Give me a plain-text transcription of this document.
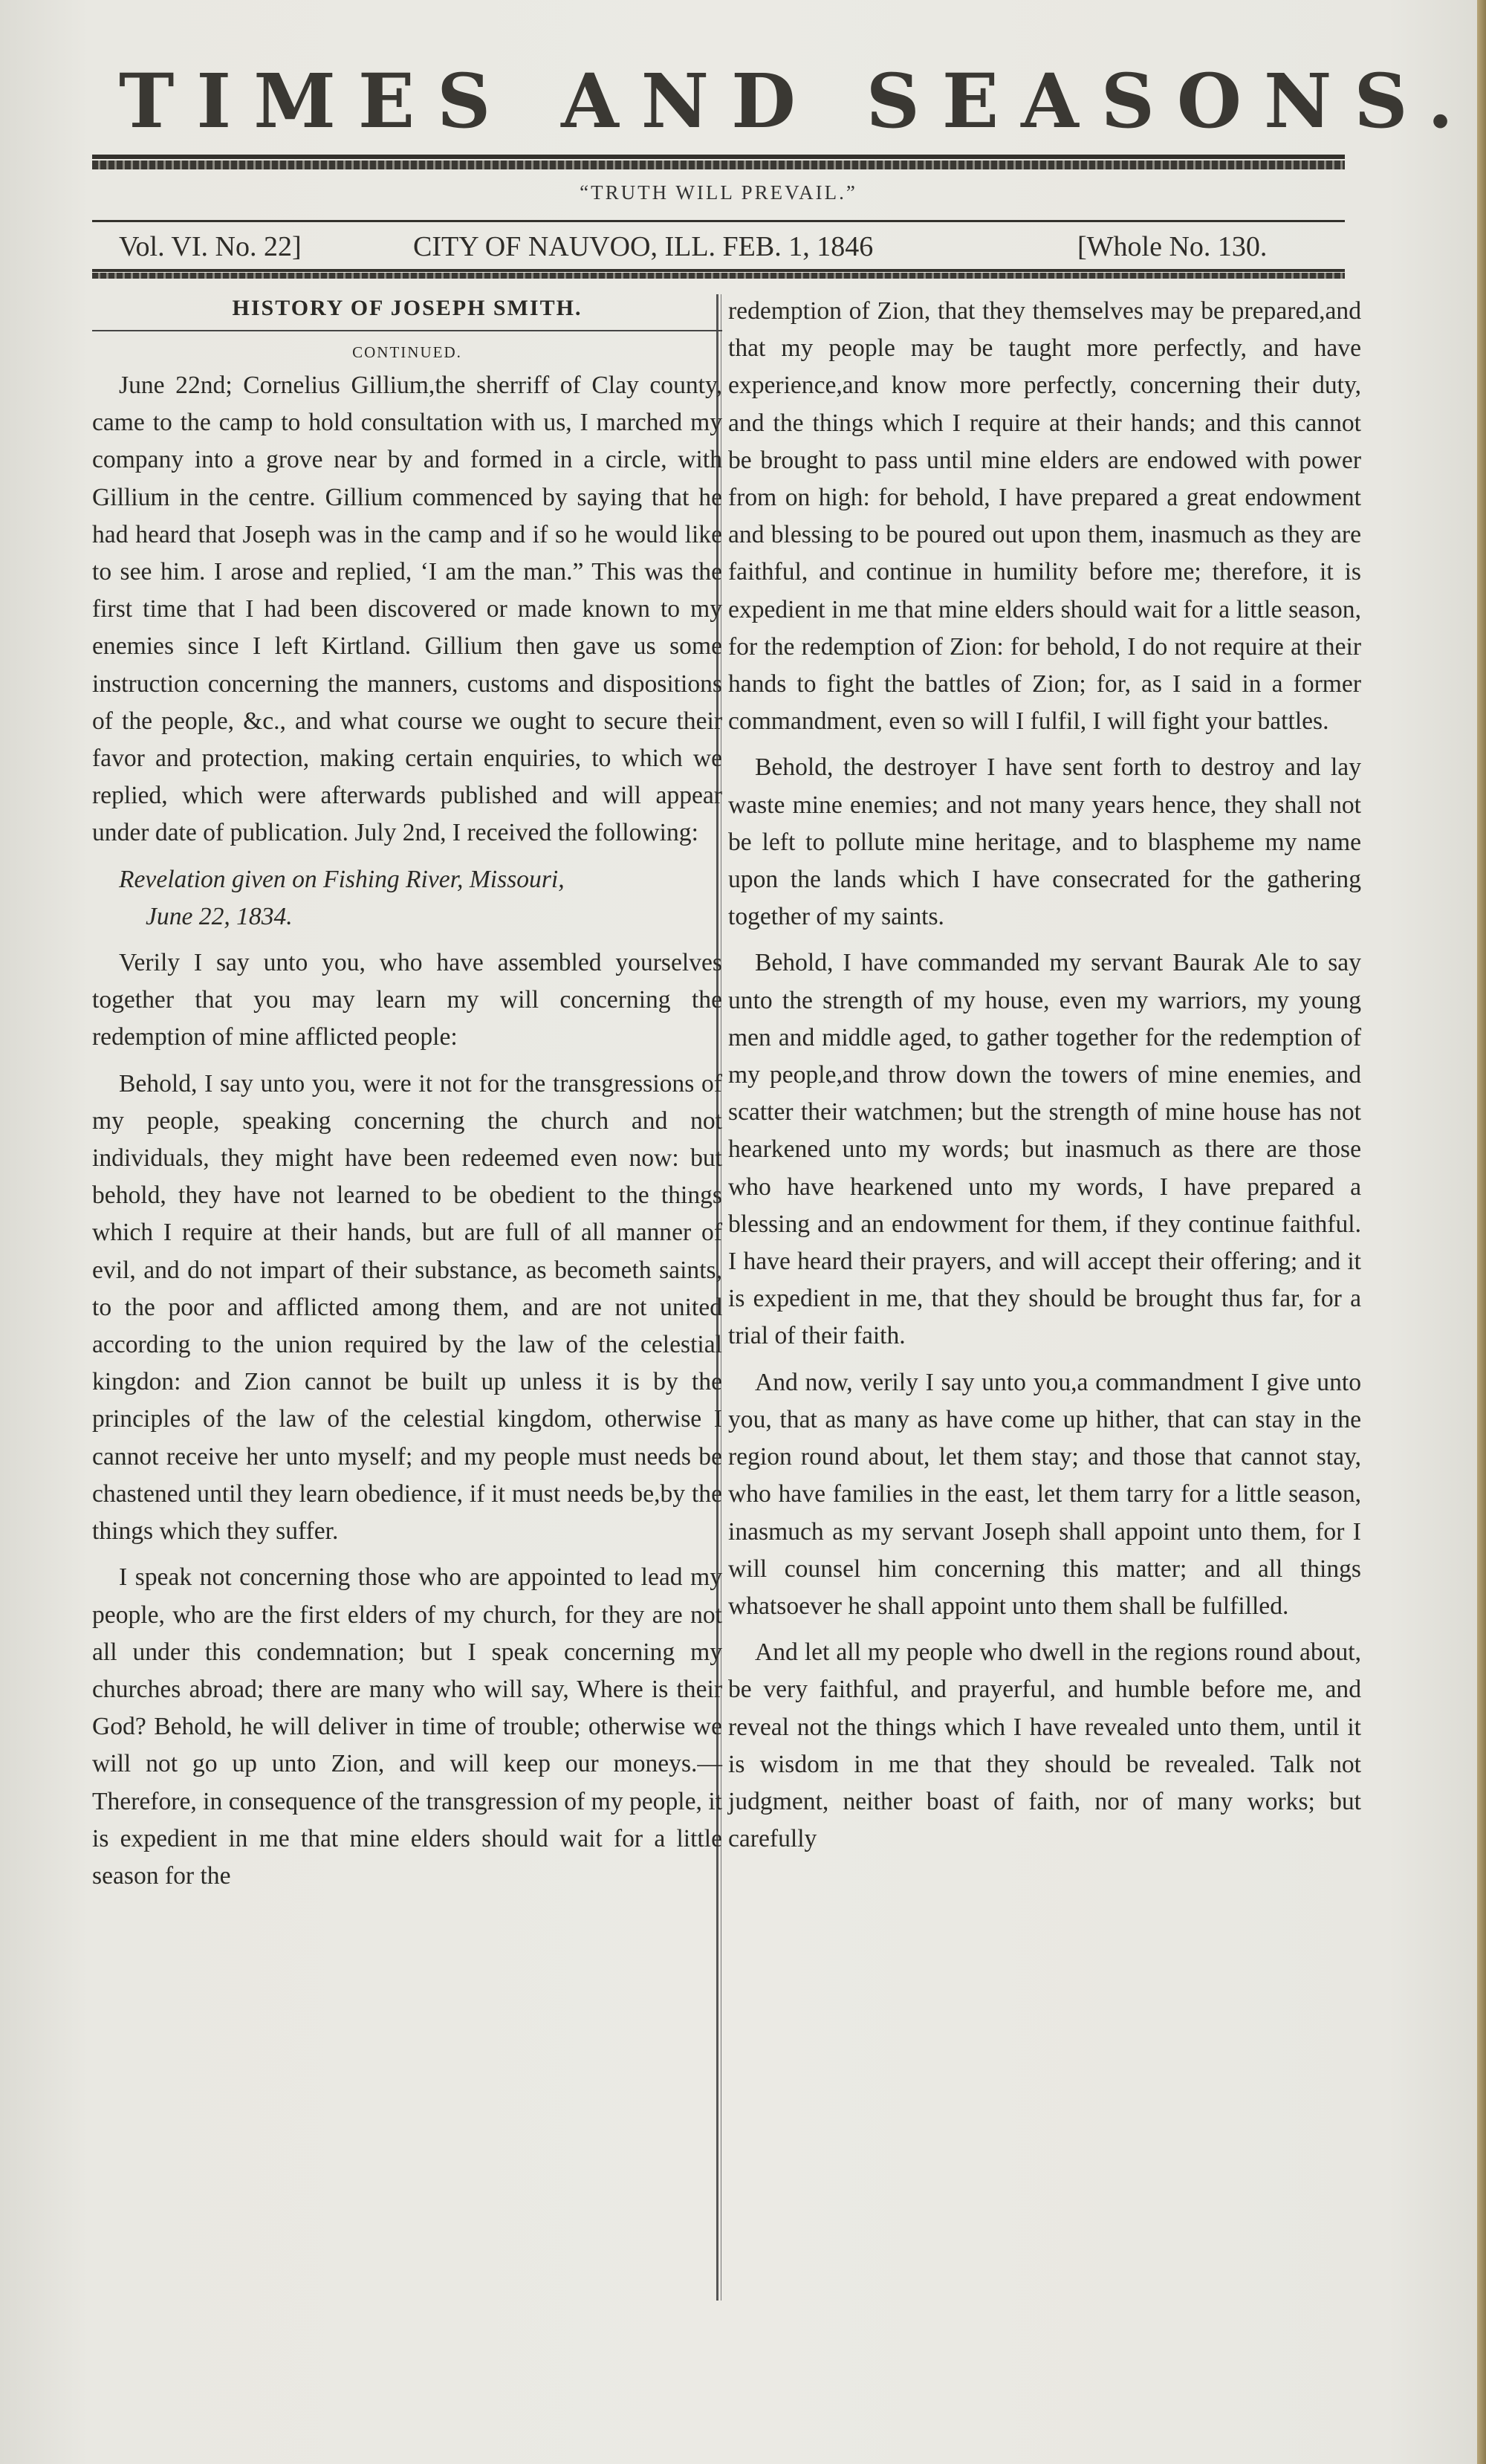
TIMES AND SEASONS.
“TRUTH WILL PREVAIL.”
Vol. VI. No. 22]	CITY OF NAUVOO, ILL. FEB. 1, 1846	[Whole No. 130.
HISTORY OF JOSEPH SMITH.
CONTINUED.

June 22nd; Cornelius Gillium,the sherriff of Clay county, came to the camp to hold consultation with us, I marched my company into a grove near by and formed in a circle, with Gillium in the centre. Gillium commenced by saying that he had heard that Joseph was in the camp and if so he would like to see him. I arose and replied, ‘I am the man.” This was the first time that I had been discovered or made known to my enemies since I left Kirtland. Gillium then gave us some instruction concerning the manners, customs and dispositions of the people, &c., and what course we ought to secure their favor and protection, making certain enquiries, to which we replied, which were afterwards published and will appear under date of publication. July 2nd, I received the following:

Revelation given on Fishing River, Missouri,

June 22, 1834.

Verily I say unto you, who have assembled yourselves together that you may learn my will concerning the redemption of mine afflicted people:

Behold, I say unto you, were it not for the transgressions of my people, speaking concerning the church and not individuals, they might have been redeemed even now: but behold, they have not learned to be obedient to the things which I require at their hands, but are full of all manner of evil, and do not impart of their substance, as becometh saints, to the poor and afflicted among them, and are not united according to the union required by the law of the celestial kingdon: and Zion cannot be built up unless it is by the principles of the law of the celestial kingdom, otherwise I cannot receive her unto myself; and my people must needs be chastened until they learn obedience, if it must needs be,by the things which they suffer.

I speak not concerning those who are appointed to lead my people, who are the first elders of my church, for they are not all under this condemnation; but I speak concerning my churches abroad; there are many who will say, Where is their God? Behold, he will deliver in time of trouble; otherwise we will not go up unto Zion, and will keep our moneys.—Therefore, in consequence of the transgression of my people, it is expedient in me that mine elders should wait for a little season for the

redemption of Zion, that they themselves may be prepared,and that my people may be taught more perfectly, and have experience,and know more perfectly, concerning their duty, and the things which I require at their hands; and this cannot be brought to pass until mine elders are endowed with power from on high: for behold, I have prepared a great endowment and blessing to be poured out upon them, inasmuch as they are faithful, and continue in humility before me; therefore, it is expedient in me that mine elders should wait for a little season, for the redemption of Zion: for behold, I do not require at their hands to fight the battles of Zion; for, as I said in a former commandment, even so will I fulfil, I will fight your battles.

Behold, the destroyer I have sent forth to destroy and lay waste mine enemies; and not many years hence, they shall not be left to pollute mine heritage, and to blaspheme my name upon the lands which I have consecrated for the gathering together of my saints.

Behold, I have commanded my servant Baurak Ale to say unto the strength of my house, even my warriors, my young men and middle aged, to gather together for the redemption of my people,and throw down the towers of mine enemies, and scatter their watchmen; but the strength of mine house has not hearkened unto my words; but inasmuch as there are those who have hearkened unto my words, I have prepared a blessing and an endowment for them, if they continue faithful. I have heard their prayers, and will accept their offering; and it is expedient in me, that they should be brought thus far, for a trial of their faith.

And now, verily I say unto you,a commandment I give unto you, that as many as have come up hither, that can stay in the region round about, let them stay; and those that cannot stay, who have families in the east, let them tarry for a little season, inasmuch as my servant Joseph shall appoint unto them, for I will counsel him concerning this matter; and all things whatsoever he shall appoint unto them shall be fulfilled.

And let all my people who dwell in the regions round about, be very faithful, and prayerful, and humble before me, and reveal not the things which I have revealed unto them, until it is wisdom in me that they should be revealed. Talk not judgment, neither boast of faith, nor of many works; but carefully
